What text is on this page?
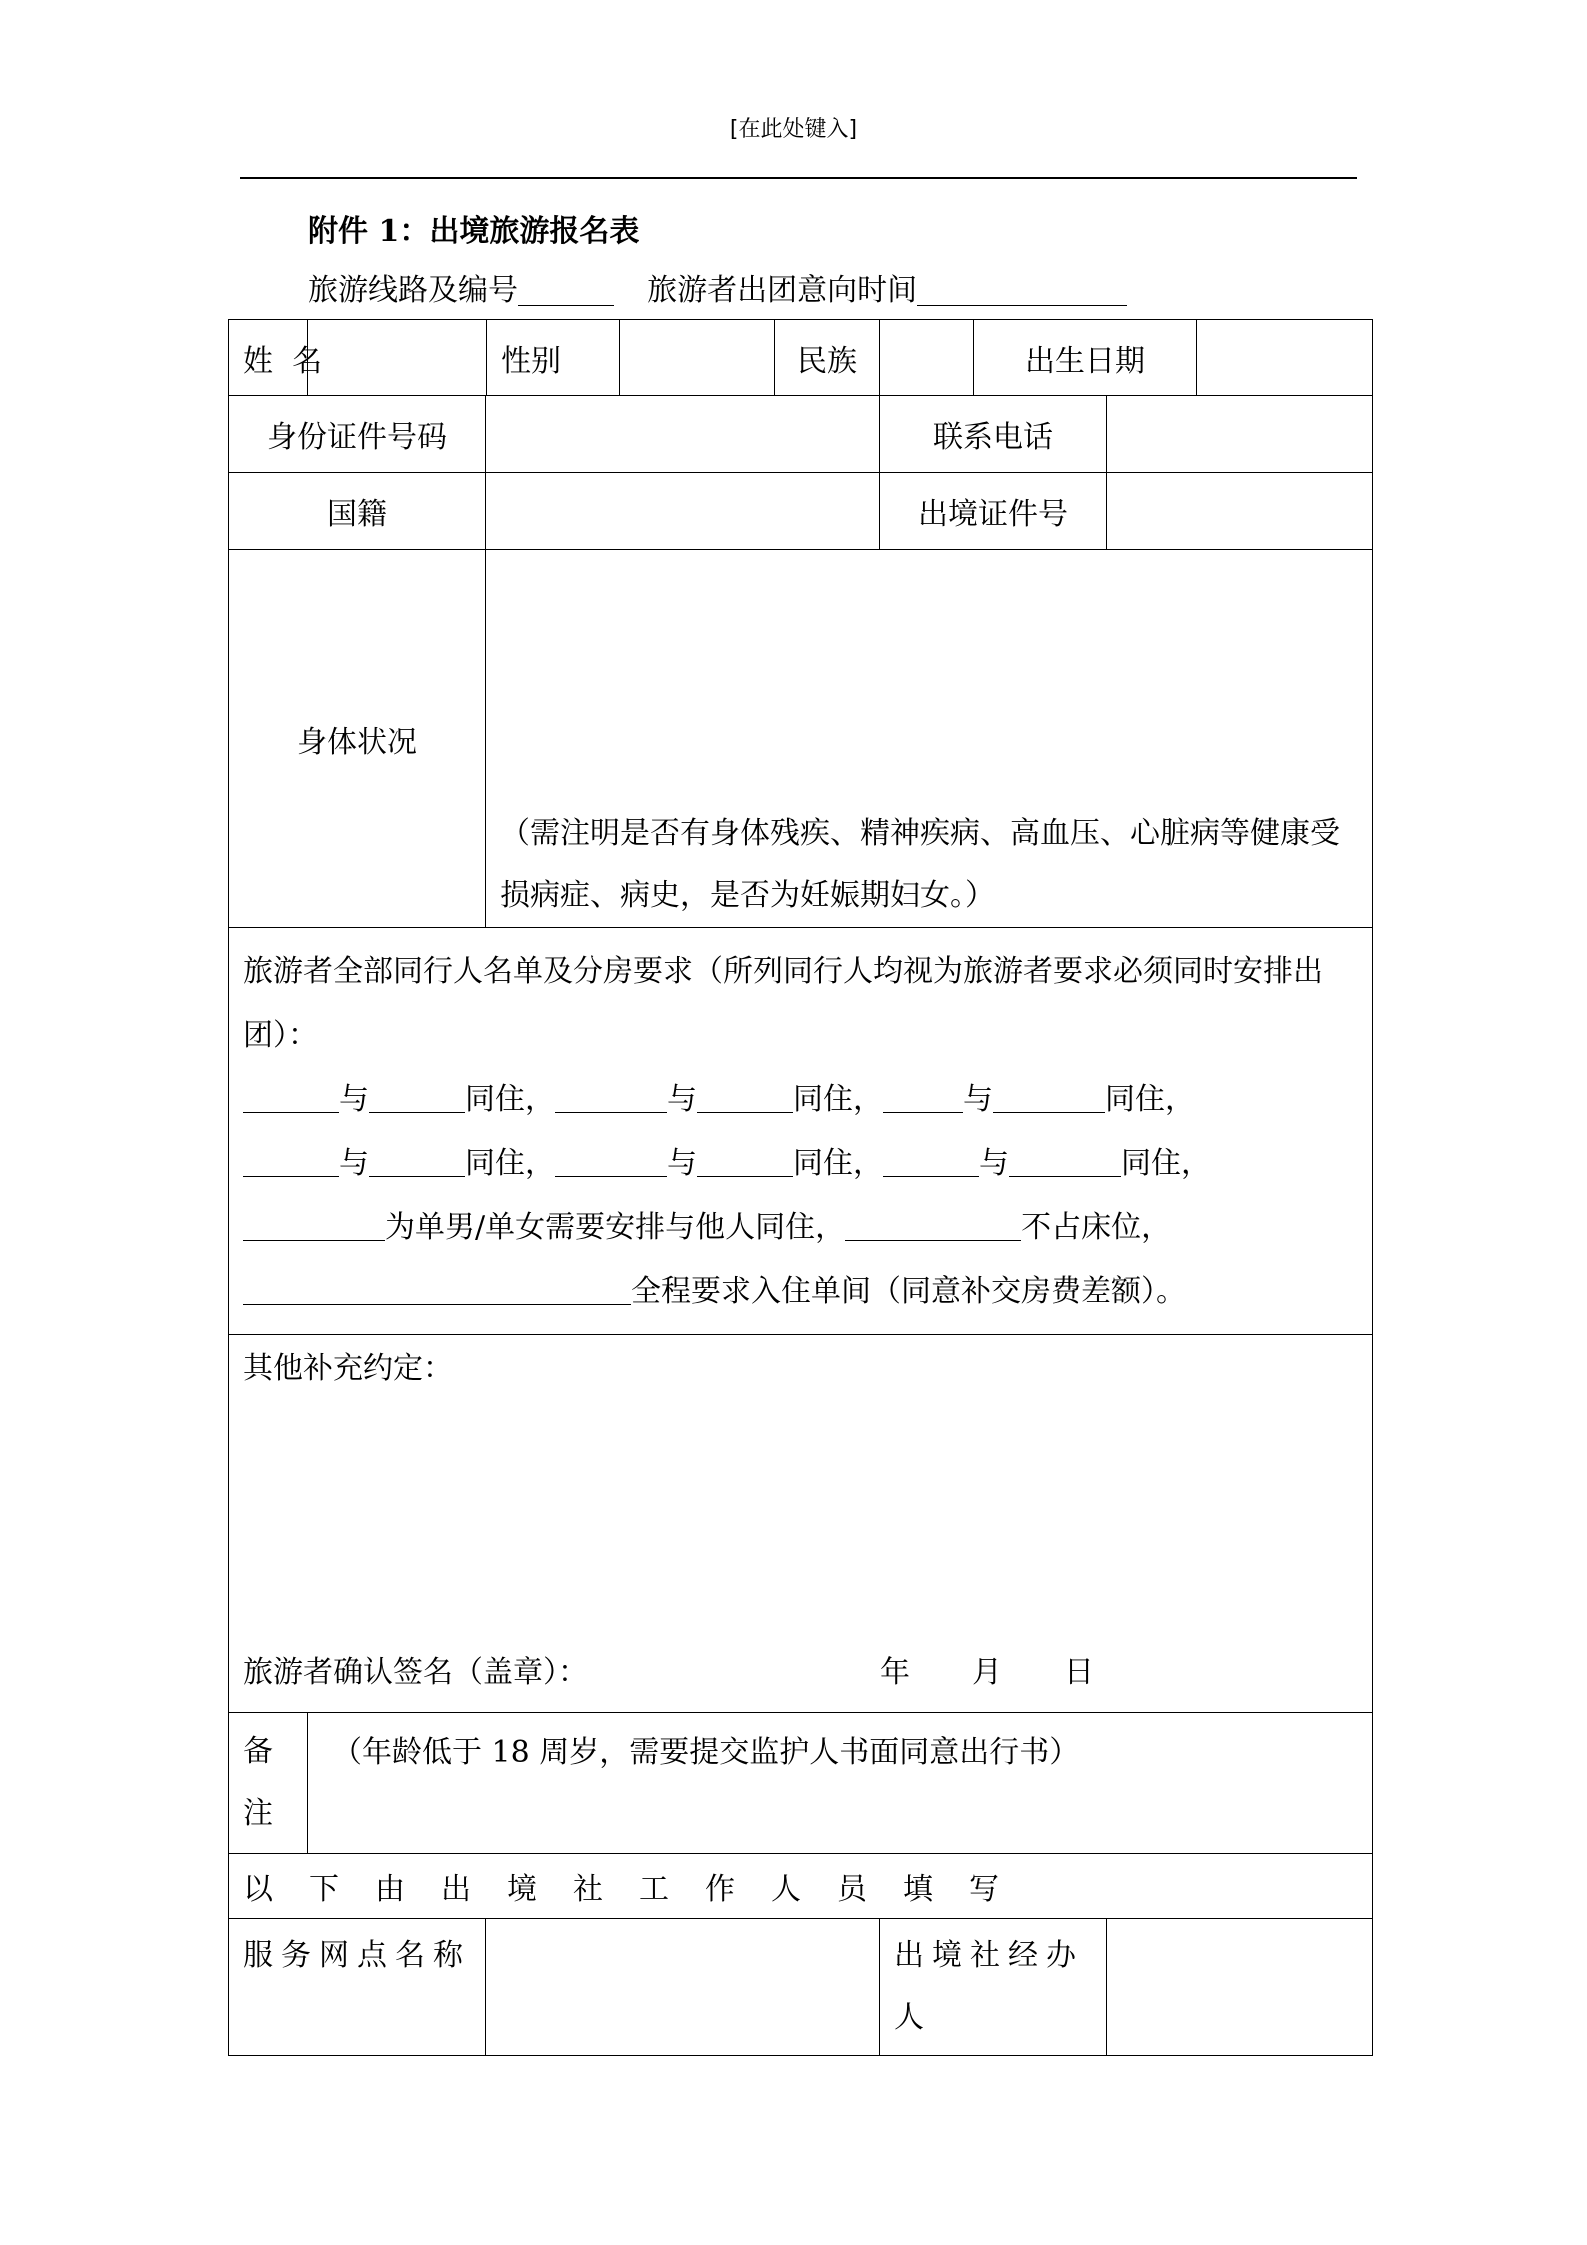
[在此处键入]
附件 1：出境旅游报名表
旅游线路及编号	旅游者出团意向时间
姓  名		性别		民族		出生日期		
身份证件号码					联系电话			
国籍					出境证件号			
身体状况		（需注明是否有身体残疾、精神疾病、高血压、心脏病等健康受损病症、病史，是否为妊娠期妇女。）						

旅游者全部同行人名单及分房要求（所列同行人均视为旅游者要求必须同时安排出团）：
与 同住， 与 同住， 与 同住，
与 同住， 与 同住， 与 同住，
为单男/单女需要安排与他人同住， 不占床位，
全程要求入住单间（同意补交房费差额）。								

其他补充约定：
旅游者确认签名（盖章）： 年 月 日								

备注	（年龄低于 18 周岁，需要提交监护人书面同意出行书）							
以下由出境社工作人员填写								
服务网点名称					出境社经办人			
